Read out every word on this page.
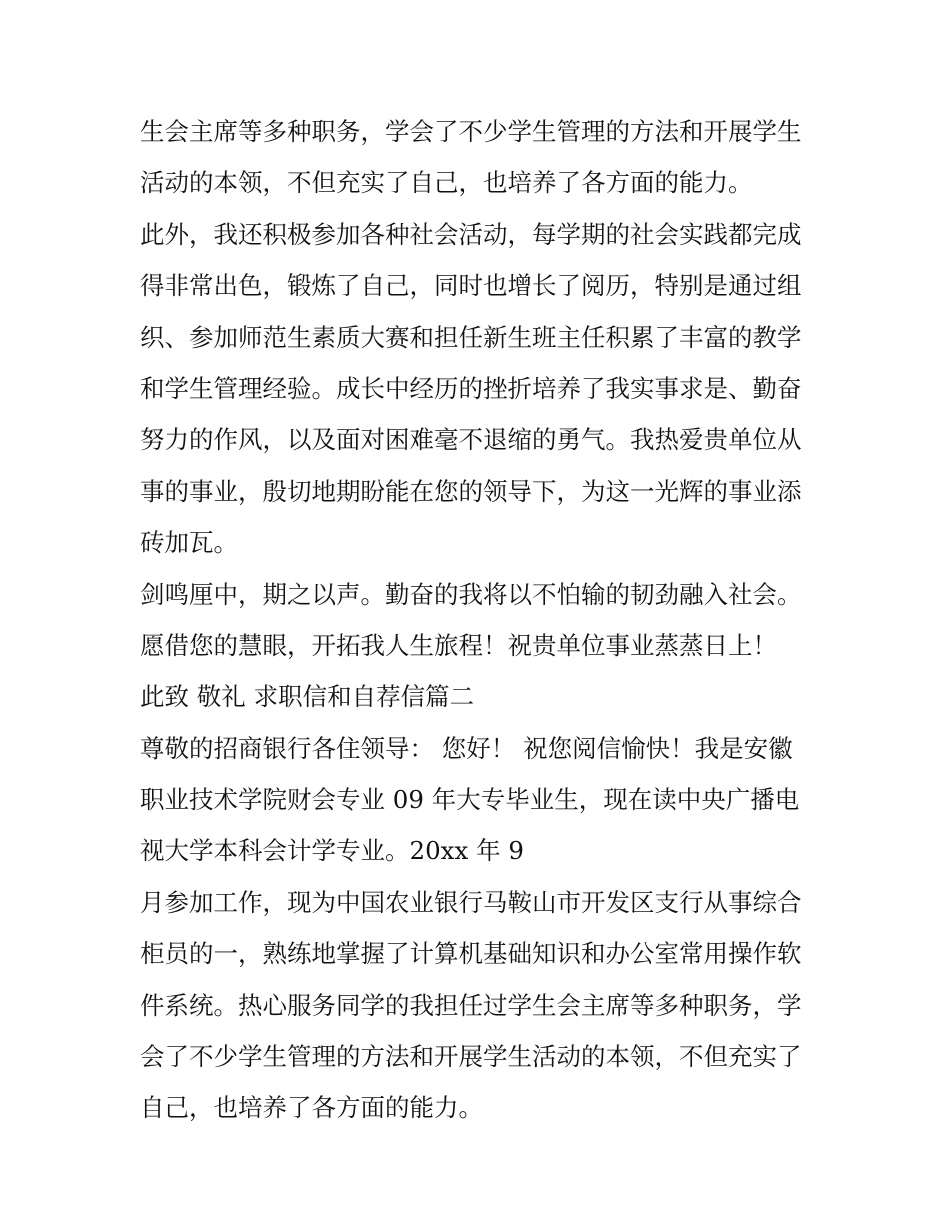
生会主席等多种职务，学会了不少学生管理的方法和开展学生
活动的本领，不但充实了自己，也培养了各方面的能力。
此外，我还积极参加各种社会活动，每学期的社会实践都完成
得非常出色，锻炼了自己，同时也增长了阅历，特别是通过组
织、参加师范生素质大赛和担任新生班主任积累了丰富的教学
和学生管理经验。成长中经历的挫折培养了我实事求是、勤奋
努力的作风，以及面对困难毫不退缩的勇气。我热爱贵单位从
事的事业，殷切地期盼能在您的领导下，为这一光辉的事业添
砖加瓦。
剑鸣厘中，期之以声。勤奋的我将以不怕输的韧劲融入社会。
愿借您的慧眼，开拓我人生旅程！祝贵单位事业蒸蒸日上！
此致 敬礼 求职信和自荐信篇二
尊敬的招商银行各住领导： 您好！ 祝您阅信愉快！我是安徽
职业技术学院财会专业 09 年大专毕业生，现在读中央广播电
视大学本科会计学专业。20xx 年 9
月参加工作，现为中国农业银行马鞍山市开发区支行从事综合
柜员的一，熟练地掌握了计算机基础知识和办公室常用操作软
件系统。热心服务同学的我担任过学生会主席等多种职务，学
会了不少学生管理的方法和开展学生活动的本领，不但充实了
自己，也培养了各方面的能力。
